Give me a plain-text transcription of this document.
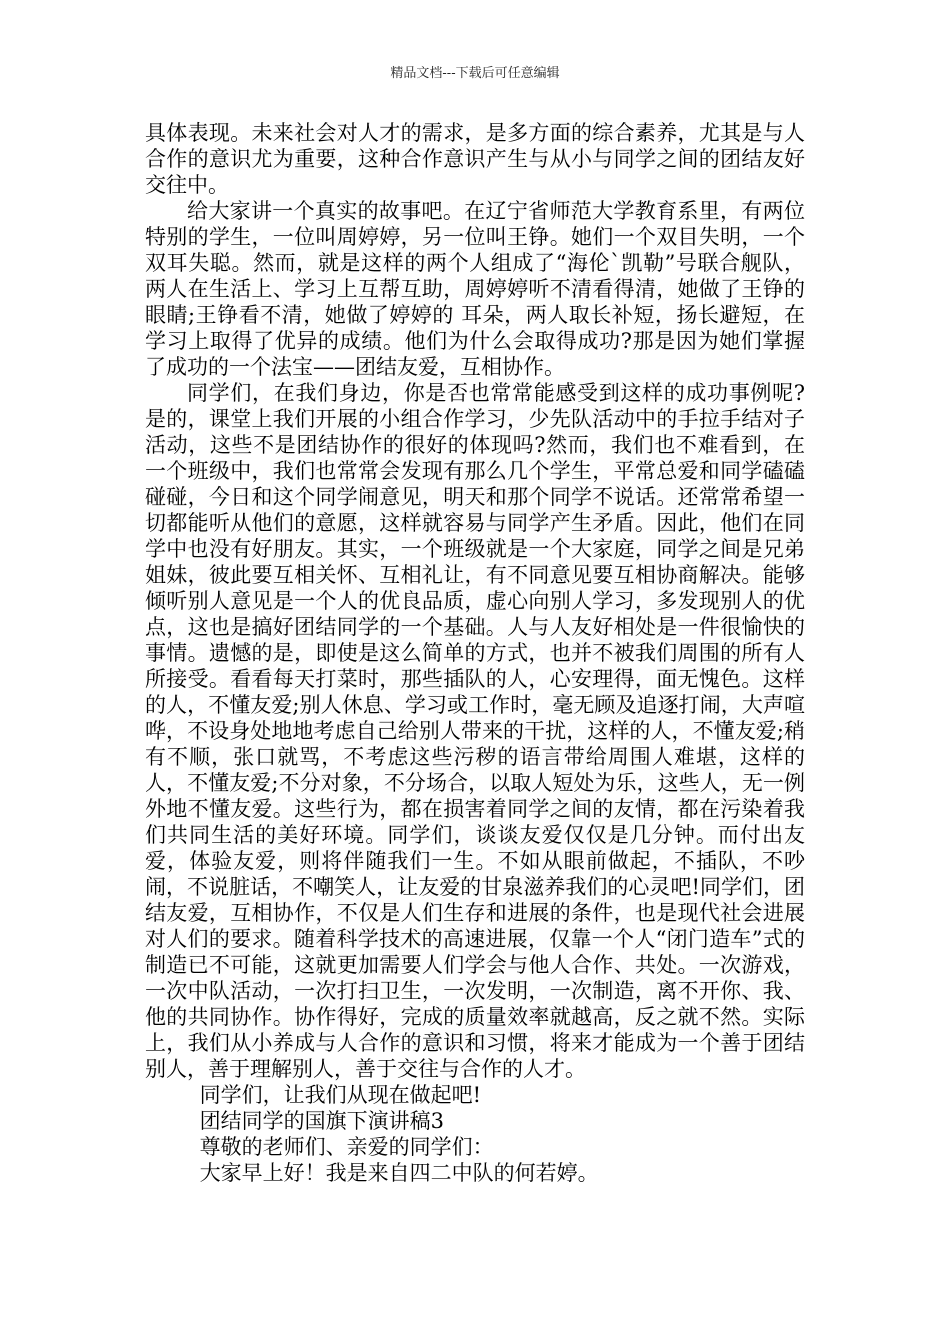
精品文档---下载后可任意编辑

具体表现。未来社会对人才的需求，是多方面的综合素养，尤其是与人合作的意识尤为重要，这种合作意识产生与从小与同学之间的团结友好交往中。

给大家讲一个真实的故事吧。在辽宁省师范大学教育系里，有两位特别的学生，一位叫周婷婷，另一位叫王铮。她们一个双目失明，一个双耳失聪。然而，就是这样的两个人组成了“海伦`凯勒”号联合舰队，两人在生活上、学习上互帮互助，周婷婷听不清看得清，她做了王铮的眼睛;王铮看不清，她做了婷婷的 耳朵，两人取长补短，扬长避短，在学习上取得了优异的成绩。他们为什么会取得成功?那是因为她们掌握了成功的一个法宝——团结友爱，互相协作。

同学们，在我们身边，你是否也常常能感受到这样的成功事例呢?是的，课堂上我们开展的小组合作学习，少先队活动中的手拉手结对子活动，这些不是团结协作的很好的体现吗?然而，我们也不难看到，在一个班级中，我们也常常会发现有那么几个学生，平常总爱和同学磕磕碰碰，今日和这个同学闹意见，明天和那个同学不说话。还常常希望一切都能听从他们的意愿，这样就容易与同学产生矛盾。因此，他们在同学中也没有好朋友。其实，一个班级就是一个大家庭，同学之间是兄弟姐妹，彼此要互相关怀、互相礼让，有不同意见要互相协商解决。能够倾听别人意见是一个人的优良品质，虚心向别人学习，多发现别人的优点，这也是搞好团结同学的一个基础。人与人友好相处是一件很愉快的事情。遗憾的是，即使是这么简单的方式，也并不被我们周围的所有人所接受。看看每天打菜时，那些插队的人，心安理得，面无愧色。这样的人，不懂友爱;别人休息、学习或工作时，毫无顾及追逐打闹，大声喧哗，不设身处地地考虑自己给别人带来的干扰，这样的人，不懂友爱;稍有不顺，张口就骂，不考虑这些污秽的语言带给周围人难堪，这样的人，不懂友爱;不分对象，不分场合，以取人短处为乐，这些人，无一例外地不懂友爱。这些行为，都在损害着同学之间的友情，都在污染着我们共同生活的美好环境。同学们，谈谈友爱仅仅是几分钟。而付出友爱，体验友爱，则将伴随我们一生。不如从眼前做起，不插队，不吵闹，不说脏话，不嘲笑人，让友爱的甘泉滋养我们的心灵吧!同学们，团结友爱，互相协作，不仅是人们生存和进展的条件，也是现代社会进展对人们的要求。随着科学技术的高速进展，仅靠一个人“闭门造车”式的制造已不可能，这就更加需要人们学会与他人合作、共处。一次游戏，一次中队活动，一次打扫卫生，一次发明，一次制造，离不开你、我、他的共同协作。协作得好，完成的质量效率就越高，反之就不然。实际上，我们从小养成与人合作的意识和习惯，将来才能成为一个善于团结别人，善于理解别人，善于交往与合作的人才。

同学们，让我们从现在做起吧!

团结同学的国旗下演讲稿3

尊敬的老师们、亲爱的同学们：

大家早上好！我是来自四二中队的何若婷。
